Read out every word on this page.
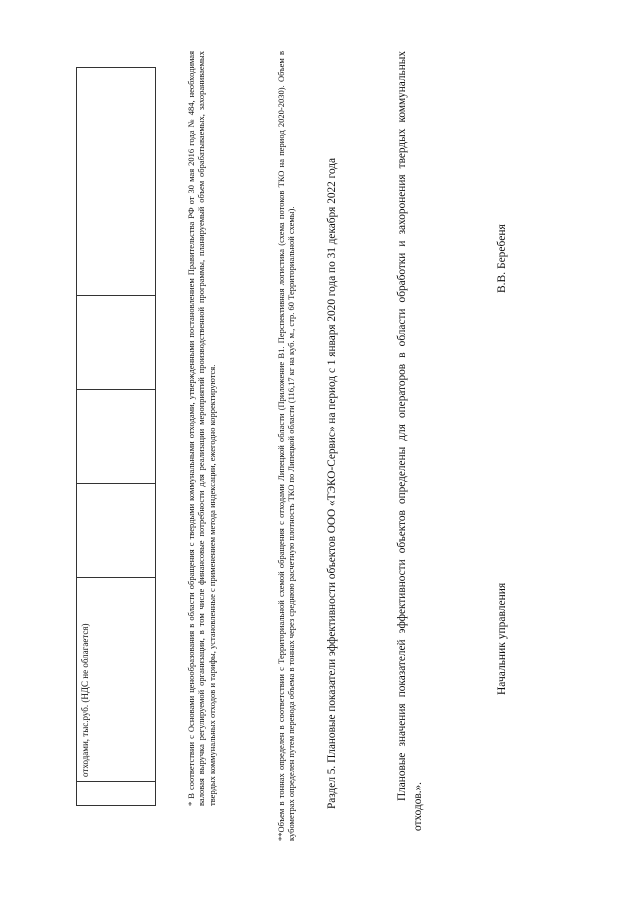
	отходами, тыс.руб. (НДС не облагается)					* В соответствии с Основами ценообразования в области обращения с твердыми коммунальными отходами, утвержденными постановлением Правительства РФ от 30 мая 2016 года № 484, необходимая валовая выручка регулируемой организации, в том числе финансовые потребности для реализации мероприятий производственной программы, планируемый объем обрабатываемых, захораниваемых твердых коммунальных отходов и тарифы, установленные с применением метода индексации, ежегодно корректируются.	**Объем в тоннах определен в соответствии с Территориальной схемой обращения с отходами Липецкой области (Приложение В1. Перспективная логистика (схема потоков ТКО на период 2020-2030). Объем в кубометрах определен путем перевода объема в тоннах через среднюю расчетную плотность ТКО по Липецкой области (116,17 кг на куб. м., стр. 60 Территориальной схемы).	Раздел 5. Плановые показатели эффективности объектов ООО «ТЭКО-Сервис» на период с 1 января 2020 года по 31 декабря 2022 года	Плановые значения показателей эффективности объектов определены для операторов в области обработки и захоронения твердых коммунальных отходов.».

Начальник управления
В.В. Беребеня
